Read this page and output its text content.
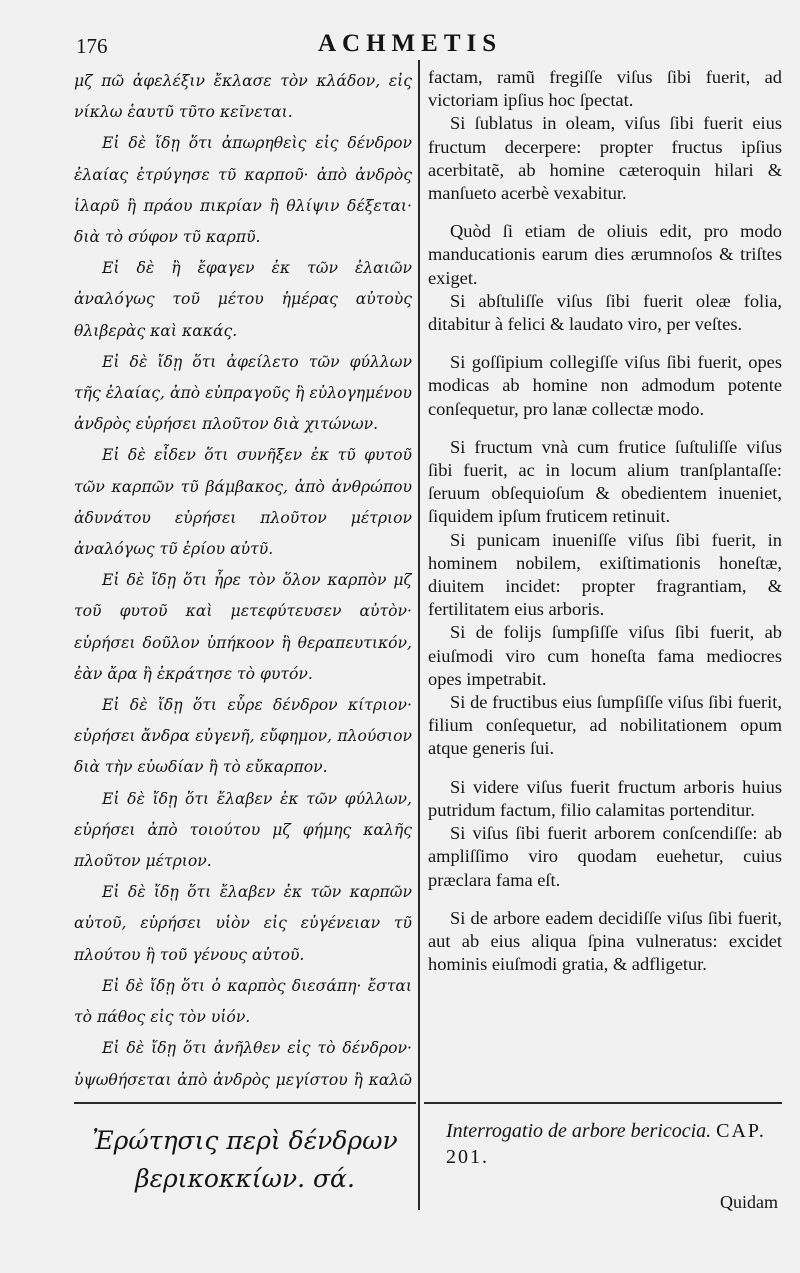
176	ACHMETIS

μζ πῶ ἀφελέξιν ἔκλασε τὸν κλάδον, εἰς νίκλω ἑαυτῦ τῦτο κεῖνεται.

Εἰ δὲ ἴδῃ ὅτι ἀπωρηθεὶς εἰς δένδρον ἐλαίας ἐτρύγησε τῦ καρποῦ· ἀπὸ ἀνδρὸς ἱλαρῦ ἢ πράου πικρίαν ἢ θλίψιν δέξεται· διὰ τὸ σύφον τῦ καρπῦ.

Εἰ δὲ ἢ ἔφαγεν ἐκ τῶν ἐλαιῶν ἀναλόγως τοῦ μέτου ἡμέρας αὐτοὺς θλιβερὰς καὶ κακάς.

Εἰ δὲ ἴδῃ ὅτι ἀφείλετο τῶν φύλλων τῆς ἐλαίας, ἀπὸ εὐπραγοῦς ἢ εὐλογημένου ἀνδρὸς εὑρήσει πλοῦτον διὰ χιτώνων.

Εἰ δὲ εἶδεν ὅτι συνῆξεν ἐκ τῦ φυτοῦ τῶν καρπῶν τῦ βάμβακος, ἀπὸ ἀνθρώπου ἀδυνάτου εὑρήσει πλοῦτον μέτριον ἀναλόγως τῦ ἐρίου αὐτῦ.

Εἰ δὲ ἴδῃ ὅτι ἦρε τὸν ὅλον καρπὸν μζ τοῦ φυτοῦ καὶ μετεφύτευσεν αὐτὸν· εὑρήσει δοῦλον ὑπήκοον ἢ θεραπευτικόν, ἐὰν ἄρα ἢ ἐκράτησε τὸ φυτόν.

Εἰ δὲ ἴδῃ ὅτι εὗρε δένδρον κίτριον· εὑρήσει ἄνδρα εὐγενῆ, εὔφημον, πλούσιον διὰ τὴν εὐωδίαν ἢ τὸ εὔκαρπον.

Εἰ δὲ ἴδῃ ὅτι ἔλαβεν ἐκ τῶν φύλλων, εὑρήσει ἀπὸ τοιούτου μζ φήμης καλῆς πλοῦτον μέτριον.

Εἰ δὲ ἴδῃ ὅτι ἔλαβεν ἐκ τῶν καρπῶν αὐτοῦ, εὑρήσει υἱὸν εἰς εὐγένειαν τῦ πλούτου ἢ τοῦ γένους αὐτοῦ.

Εἰ δὲ ἴδῃ ὅτι ὁ καρπὸς διεσάπη· ἔσται τὸ πάθος εἰς τὸν υἱόν.

Εἰ δὲ ἴδῃ ὅτι ἀνῆλθεν εἰς τὸ δένδρον· ὑψωθήσεται ἀπὸ ἀνδρὸς μεγίστου ἢ καλῶ

factam, ramũ fregiſſe viſus ſibi fuerit, ad victoriam ipſius hoc ſpectat.

Si ſublatus in oleam, viſus ſibi fuerit eius fructum decerpere: propter fructus ipſius acerbitatẽ, ab homine cæteroquin hilari & manſueto acerbè vexabitur.

Quòd ſi etiam de oliuis edit, pro modo manducationis earum dies ærumnoſos & triſtes exiget.

Si abſtuliſſe viſus ſibi fuerit oleæ folia, ditabitur à felici & laudato viro, per veſtes.

Si goſſipium collegiſſe viſus ſibi fuerit, opes modicas ab homine non admodum potente conſequetur, pro lanæ collectæ modo.

Si fructum vnà cum frutice ſuſtuliſſe viſus ſibi fuerit, ac in locum alium tranſplantaſſe: ſeruum obſequioſum & obedientem inueniet, ſiquidem ipſum fruticem retinuit.

Si punicam inueniſſe viſus ſibi fuerit, in hominem nobilem, exiſtimationis honeſtæ, diuitem incidet: propter fragrantiam, & fertilitatem eius arboris.

Si de folijs ſumpſiſſe viſus ſibi fuerit, ab eiuſmodi viro cum honeſta fama mediocres opes impetrabit.

Si de fructibus eius ſumpſiſſe viſus ſibi fuerit, filium conſequetur, ad nobilitationem opum atque generis ſui.

Si videre viſus fuerit fructum arboris huius putridum factum, filio calamitas portenditur.

Si viſus ſibi fuerit arborem conſcendiſſe: ab ampliſſimo viro quodam euehetur, cuius præclara fama eſt.

Si de arbore eadem decidiſſe viſus ſibi fuerit, aut ab eius aliqua ſpina vulneratus: excidet hominis eiuſmodi gratia, & adfligetur.

Ἐρώτησις περὶ δένδρων βερικοκκίων. σά.
Interrogatio de arbore bericocia. CAP. 201.
Quidam
